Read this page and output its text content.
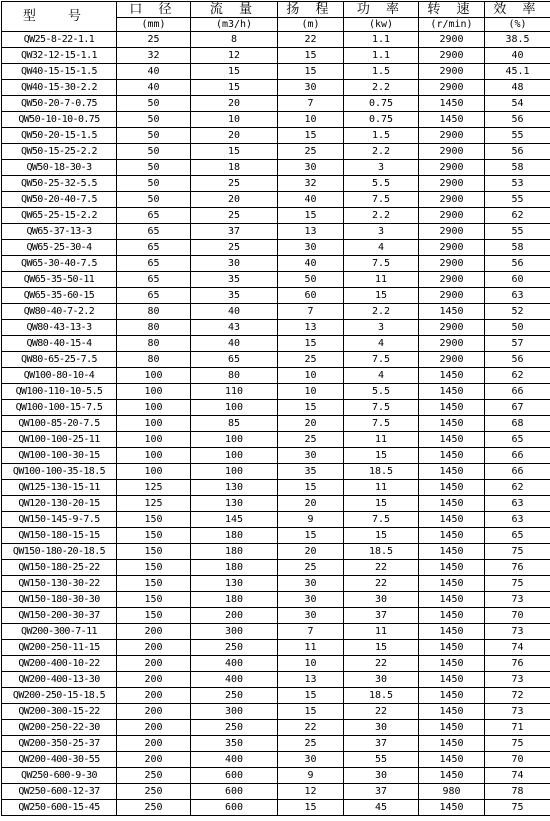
型 号	口 径	流 量	扬 程	功 率	转 速	效 率
	(mm)	(m3/h)	(m)	(kw)	(r/min)	(%)
QW25-8-22-1.1	25	8	22	1.1	2900	38.5
QW32-12-15-1.1	32	12	15	1.1	2900	40
QW40-15-15-1.5	40	15	15	1.5	2900	45.1
QW40-15-30-2.2	40	15	30	2.2	2900	48
QW50-20-7-0.75	50	20	7	0.75	1450	54
QW50-10-10-0.75	50	10	10	0.75	1450	56
QW50-20-15-1.5	50	20	15	1.5	2900	55
QW50-15-25-2.2	50	15	25	2.2	2900	56
QW50-18-30-3	50	18	30	3	2900	58
QW50-25-32-5.5	50	25	32	5.5	2900	53
QW50-20-40-7.5	50	20	40	7.5	2900	55
QW65-25-15-2.2	65	25	15	2.2	2900	62
QW65-37-13-3	65	37	13	3	2900	55
QW65-25-30-4	65	25	30	4	2900	58
QW65-30-40-7.5	65	30	40	7.5	2900	56
QW65-35-50-11	65	35	50	11	2900	60
QW65-35-60-15	65	35	60	15	2900	63
QW80-40-7-2.2	80	40	7	2.2	1450	52
QW80-43-13-3	80	43	13	3	2900	50
QW80-40-15-4	80	40	15	4	2900	57
QW80-65-25-7.5	80	65	25	7.5	2900	56
QW100-80-10-4	100	80	10	4	1450	62
QW100-110-10-5.5	100	110	10	5.5	1450	66
QW100-100-15-7.5	100	100	15	7.5	1450	67
QW100-85-20-7.5	100	85	20	7.5	1450	68
QW100-100-25-11	100	100	25	11	1450	65
QW100-100-30-15	100	100	30	15	1450	66
QW100-100-35-18.5	100	100	35	18.5	1450	66
QW125-130-15-11	125	130	15	11	1450	62
QW120-130-20-15	125	130	20	15	1450	63
QW150-145-9-7.5	150	145	9	7.5	1450	63
QW150-180-15-15	150	180	15	15	1450	65
QW150-180-20-18.5	150	180	20	18.5	1450	75
QW150-180-25-22	150	180	25	22	1450	76
QW150-130-30-22	150	130	30	22	1450	75
QW150-180-30-30	150	180	30	30	1450	73
QW150-200-30-37	150	200	30	37	1450	70
QW200-300-7-11	200	300	7	11	1450	73
QW200-250-11-15	200	250	11	15	1450	74
QW200-400-10-22	200	400	10	22	1450	76
QW200-400-13-30	200	400	13	30	1450	73
QW200-250-15-18.5	200	250	15	18.5	1450	72
QW200-300-15-22	200	300	15	22	1450	73
QW200-250-22-30	200	250	22	30	1450	71
QW200-350-25-37	200	350	25	37	1450	75
QW200-400-30-55	200	400	30	55	1450	70
QW250-600-9-30	250	600	9	30	1450	74
QW250-600-12-37	250	600	12	37	980	78
QW250-600-15-45	250	600	15	45	1450	75
